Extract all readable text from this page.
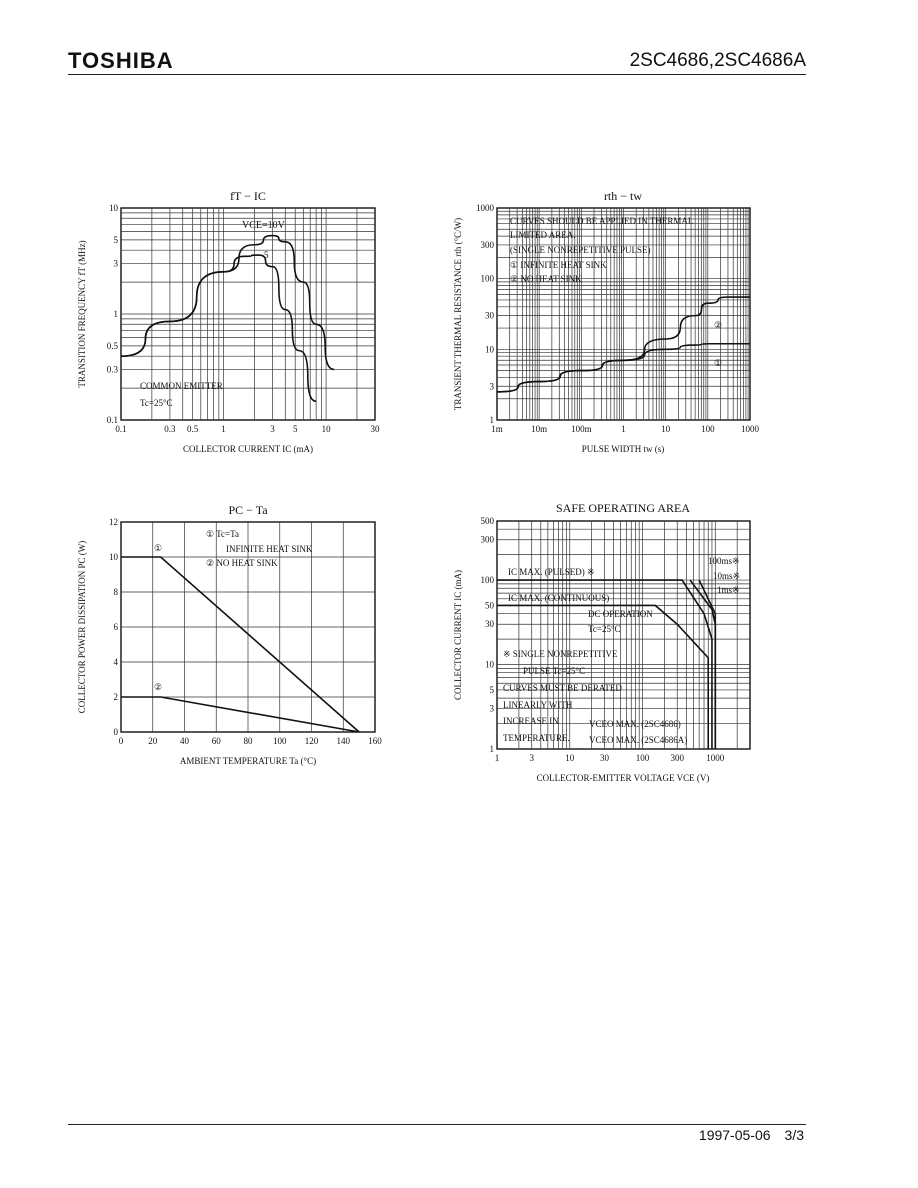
TOSHIBA	2SC4686,2SC4686A
1997-05-06 3/3
0.1	0.3 0.5	1	3 5	10	30
10
5
3
1
0.5
0.3
0.1
fT − IC
COLLECTOR CURRENT IC (mA)
TRANSITION FREQUENCY fT (MHz)
1m	10m	100m	1	10	100	1000
1000
300
100
30
10
3
1
rth − tw
PULSE WIDTH tw (s)
TRANSIENT THERMAL RESISTANCE rth (°C/W)
0	20	40	60	80 100 120 140 160
12
10
8
6
4
2
0
PC − Ta
AMBIENT TEMPERATURE Ta (°C)
COLLECTOR POWER DISSIPATION PC (W)
1	3	10	30	100 300 1000
500
300
100
50
30
10
5
3
1
SAFE OPERATING AREA
COLLECTOR-EMITTER VOLTAGE VCE (V)
COLLECTOR CURRENT IC (mA)
VCE=10V
5
COMMON EMITTER
Tc=25°C
CURVES SHOULD BE APPLIED IN THERMAL
LIMITED AREA.
(SINGLE NONREPETITIVE PULSE)
① INFINITE HEAT SINK
② NO HEAT SINK
②
①
① Tc=Ta
INFINITE HEAT SINK
② NO HEAT SINK
①
②
IC MAX. (PULSED) ※
IC MAX. (CONTINUOUS)
DC OPERATION
Tc=25°C
100ms※
10ms※
1ms※
※ SINGLE NONREPETITIVE
PULSE Tc=25°C
CURVES MUST BE DERATED
LINEARLY WITH
INCREASE IN
TEMPERATURE.
VCEO MAX. (2SC4686)
VCEO MAX. (2SC4686A)
